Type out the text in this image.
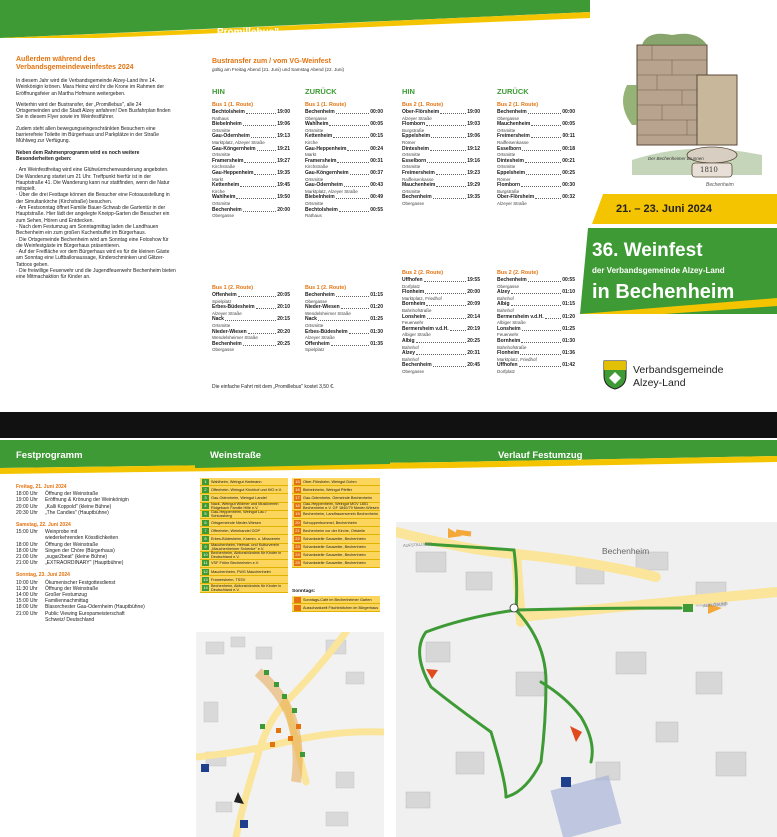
„Promillebus"
Außerdem während des Verbandsgemeindeweinfestes 2024
In diesem Jahr wird die Verbandsgemeinde Alzey-Land ihre 14. Weinkönigin krönen. Mara Heinz wird ihr die Krone im Rahmen der Eröffnungsfeier an Martha Hofmann weitergeben.
Weiterhin wird der Bustransfer, der „Promillebus", alle 24 Ortsgemeinden und die Stadt Alzey anfahren! Den Busfahrplan finden Sie in diesem Flyer sowie im Weinfestführer.
Zudem steht allen bewegungseingeschränkten Besuchern eine barrierefreie Toilette im Bürgerhaus und Parkplätze in der Straße Mühlweg zur Verfügung.
Neben dem Rahmenprogramm wird es noch weitere Besonderheiten geben:
· Am Weinfestfreitag wird eine Glühwürmchenwanderung angeboten. Die Wanderung startet um 21 Uhr. Treffpunkt hierfür ist in der Hauptstraße 41. Die Wanderung kann nur stattfinden, wenn die Natur mitspielt.
· Über die drei Festtage können die Besucher eine Fotoausstellung in der Simultankirche (Kirchstraße) besuchen.
· Am Festsonntag öffnet Familie Bauer-Schwab die Gartentür in der Hauptstraße. Hier lädt der angelegte Kneipp-Garten die Besucher ein zum Sehen, Hören und Entdecken.
· Nach dem Festumzug am Sonntagmittag laden die Landfrauen Bechenheim ein zum großen Kuchenbuffet im Bürgerhaus.
· Die Ortsgemeinde Bechenheim wird am Sonntag eine Fotoshow für die Weinfestgäste im Bürgerhaus präsentieren.
· Auf der Freifläche vor dem Bürgerhaus wird es für die kleinen Gäste am Sonntag eine Luftballonaussage, Kinderschminken und Glitzer-Tattoos geben.
· Die freiwillige Feuerwehr und die Jugendfeuerwehr Bechenheim bieten eine Mitmachaktion für Kinder an.
Bustransfer zum / vom VG-Weinfest
gültig am Freitag Abend (21. Juni) und Samstag Abend (22. Juni)
HIN	ZURÜCK	HIN	ZURÜCK
Bus 1 (1. Route)
Bechtolsheim	19:00
Rathaus
Biebelnheim	19:06
Ortsmitte
Gau-Odernheim	19:13
Marktplatz, Alzeyer Straße
Gau-Köngernheim	19:21
Ortsmitte
Framersheim	19:27
Kirchstraße
Gau-Heppenheim	19:35
Markt
Kettenheim	19:45
Kirche
Wahlheim	19:50
Ortsmitte
Bechenheim	20:00
Obergasse
Bus 1 (2. Route)
Offenheim	20:05
Spielplatz
Erbes-Büdesheim	20:10
Alzeyer Straße
Nack	20:15
Ortsmitte
Nieder-Wiesen	20:20
Wendelsheimer Straße
Bechenheim	20:25
Obergasse
Bus 1 (1. Route)
Bechenheim	00:00
Obergasse
Wahlheim	00:05
Ortsmitte
Kettenheim	00:15
Kirche
Gau-Heppenheim	00:24
Markt
Framersheim	00:31
Kirchstraße
Gau-Köngernheim	00:37
Ortsmitte
Gau-Odernheim	00:43
Marktplatz, Alzeyer Straße
Biebelnheim	00:49
Ortsmitte
Bechtolsheim	00:55
Rathaus
Bus 1 (2. Route)
Bechenheim	01:15
Obergasse
Nieder-Wiesen	01:20
Wendelsheimer Straße
Nack	01:25
Ortsmitte
Erbes-Büdesheim	01:30
Alzeyer Straße
Offenheim	01:35
Spielplatz
Bus 2 (1. Route)
Ober-Flörsheim	19:00
Alzeyer Straße
Flomborn	19:03
Burgstraße
Eppelsheim	19:06
Römer
Dintesheim	19:12
Ortsmitte
Esselborn	19:16
Ortsmitte
Freimersheim	19:23
Raiffeisenkasse
Mauchenheim	19:29
Ortsmitte
Bechenheim	19:35
Obergasse
Bus 2 (2. Route)
Uffhofen	19:55
Dorfplatz
Flonheim	20:00
Marktplatz, Friedhof
Bornheim	20:09
Bahnhofstraße
Lonsheim	20:14
Feuerwehr
Bermersheim v.d.H.	20:19
Albiger Straße
Albig	20:25
Bahnhof
Alzey	20:31
Bahnhof
Bechenheim	20:45
Obergasse
Bus 2 (1. Route)
Bechenheim	00:00
Obergasse
Mauchenheim	00:05
Ortsmitte
Freimersheim	00:11
Raiffeisenkasse
Esselborn	00:18
Ortsmitte
Dintesheim	00:21
Ortsmitte
Eppelsheim	00:25
Römer
Flomborn	00:30
Burgstraße
Ober-Flörsheim	00:32
Alzeyer Straße
Bus 2 (2. Route)
Bechenheim	00:55
Obergasse
Alzey	01:10
Bahnhof
Albig	01:15
Bahnhof
Bermersheim v.d.H.	01:20
Albiger Straße
Lonsheim	01:25
Feuerwehr
Bornheim	01:30
Bahnhofstraße
Flonheim	01:36
Marktplatz, Friedhof
Uffhofen	01:42
Dorfplatz
Die einfache Fahrt mit dem „Promillebus" kostet 3,50 €.
Der Bechenheimer Brunnen
1810
Bechenheim
21. – 23. Juni 2024
36. Weinfest
der Verbandsgemeinde Alzey-Land
in Bechenheim
Verbandsgemeinde
Alzey-Land
Festprogramm	Weinstraße	Verlauf Festumzug
Freitag, 21. Juni 2024
18:00 Uhr	Öffnung der Weinstraße
19:00 Uhr	Eröffnung & Krönung der Weinkönigin
20:00 Uhr	„Kalli Koppold" (kleine Bühne)
20:30 Uhr	„The Candies" (Hauptbühne)
Samstag, 22. Juni 2024
15:00 Uhr	Weinprobe mit
wiederkehrenden Kösstlichkeiten
18:00 Uhr	Öffnung der Weinstraße
18:00 Uhr	Singen der Chöre (Bürgerhaus)
21:00 Uhr	„sugar2beat" (kleine Bühne)
21:00 Uhr	„EXTRAORDINARY" (Hauptbühne)
Sonntag, 23. Juni 2024
10:00 Uhr	Ökumenischer Festgottesdienst
11:30 Uhr	Öffnung der Weinstraße
14:00 Uhr	Großer Festumzug
15:00 Uhr	Familiennachmittag
18:00 Uhr	Blasorchester Gau-Odernheim (Hauptbühne)
21:00 Uhr	Public Viewing Europameisterschaft
Schweiz/ Deutschland
1	Wahlheim, Weingut Hartmann
2	Offenheim, Weingut Kirchhof und KfO e.V.
3	Gau-Odernheim, Weingut Landel
4	Nack, Weingut Widmer und Musikverein Ridgebach Familie Hille e.V.
5	Gau-Heppenheim, Weingut Lau / Schlossberg
6	Ortsgemeinde Nieder-Wiesen
7	Offenheim, Weinhandel GOP
8	Erbes-Büdesheim, Kramm- u. Missverein
9	Mauchenheim, Heimat- und Kulturverein „Mauchenheimer Schenke" e.V.
10 Bechenheim, Aktionsbündnis für Kinder in Deutschland e.V.
11 VSF Frühe Bechenheim e.V.
12 Mauchenheim, FWG Mauchenheim
13 Framersheim, TSSV
14 Bechenheim, Aktionsbündnis für Kinder in Deutschland e.V.
15 Ober-Flörsheim, Weingut Dohm
16 Biebelnheim, Weingut Pfeffer
17 Gau-Odernheim, Gemeinde Bechenheim
18 Gau-Heppenheim, Weingut MGV 1851 Bechenheim e.V. GF 1840/79 Nieder-Wiesen
19 Bechenheim, Landfrauenverein Bechenheim
20 Schoppenbummel, Bechenheim
21 Bechenheim vor der Kirche, Ortsteile
22 Schankstelle Gauweiler, Bechenheim
23 Schankstelle Gauweiler, Bechenheim
24 Schankstelle Gauweiler, Bechenheim
25 Schankstelle Gauweiler, Bechenheim
Sonntags:
Sonntags-Café im Bechenheimer Garten
Ausschankzelt Fischbrötchen im Bürgerhaus
Bechenheim
AUFSTELLUNG
AUFLÖSUNG
